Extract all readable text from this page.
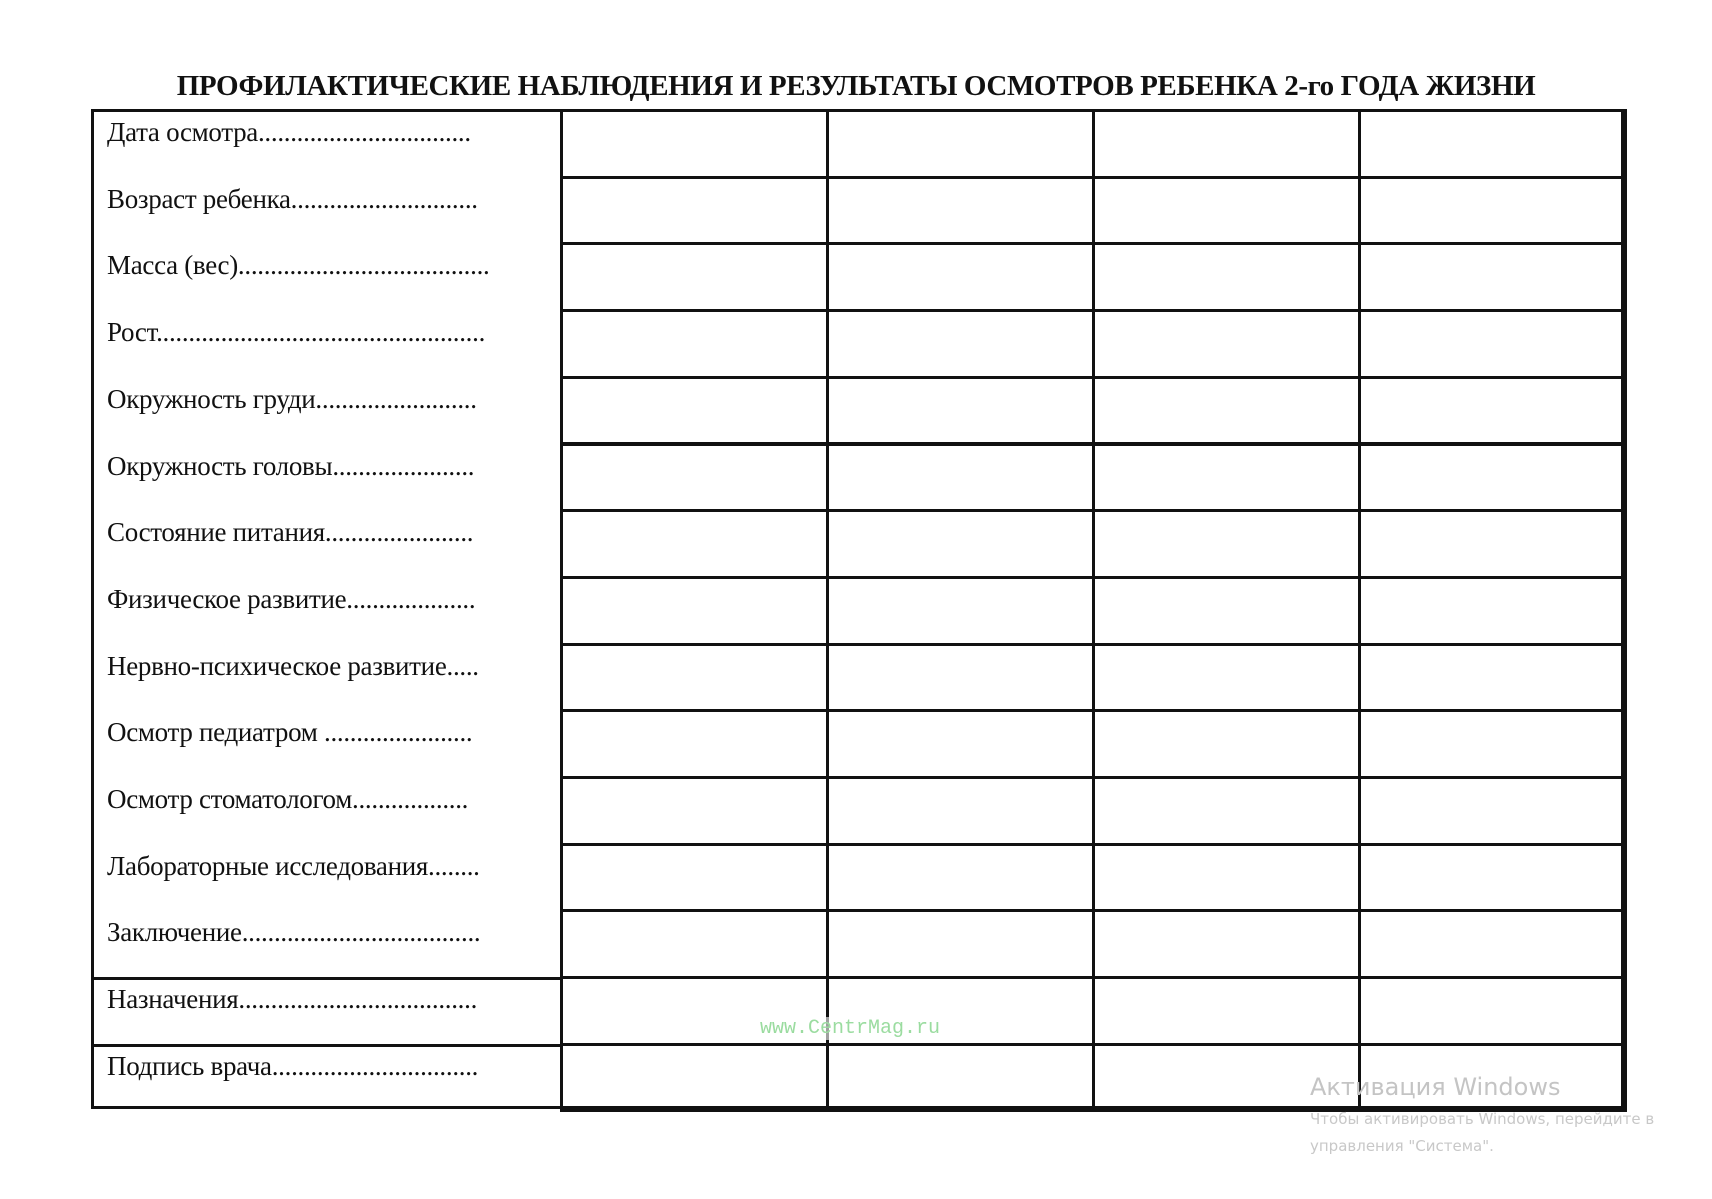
ПРОФИЛАКТИЧЕСКИЕ НАБЛЮДЕНИЯ И РЕЗУЛЬТАТЫ ОСМОТРОВ РЕБЕНКА 2-го ГОДА ЖИЗНИ
Дата осмотра.................................
Возраст ребенка.............................
Масса (вес).......................................
Рост...................................................
Окружность груди.........................
Окружность головы......................
Состояние питания.......................
Физическое развитие....................
Нервно-психическое развитие.....
Осмотр педиатром .......................
Осмотр стоматологом..................
Лабораторные исследования........
Заключение.....................................
Назначения.....................................
Подпись врача................................
www.CentrMag.ru
Активация Windows
Чтобы активировать Windows, перейдите в
управления "Система".
